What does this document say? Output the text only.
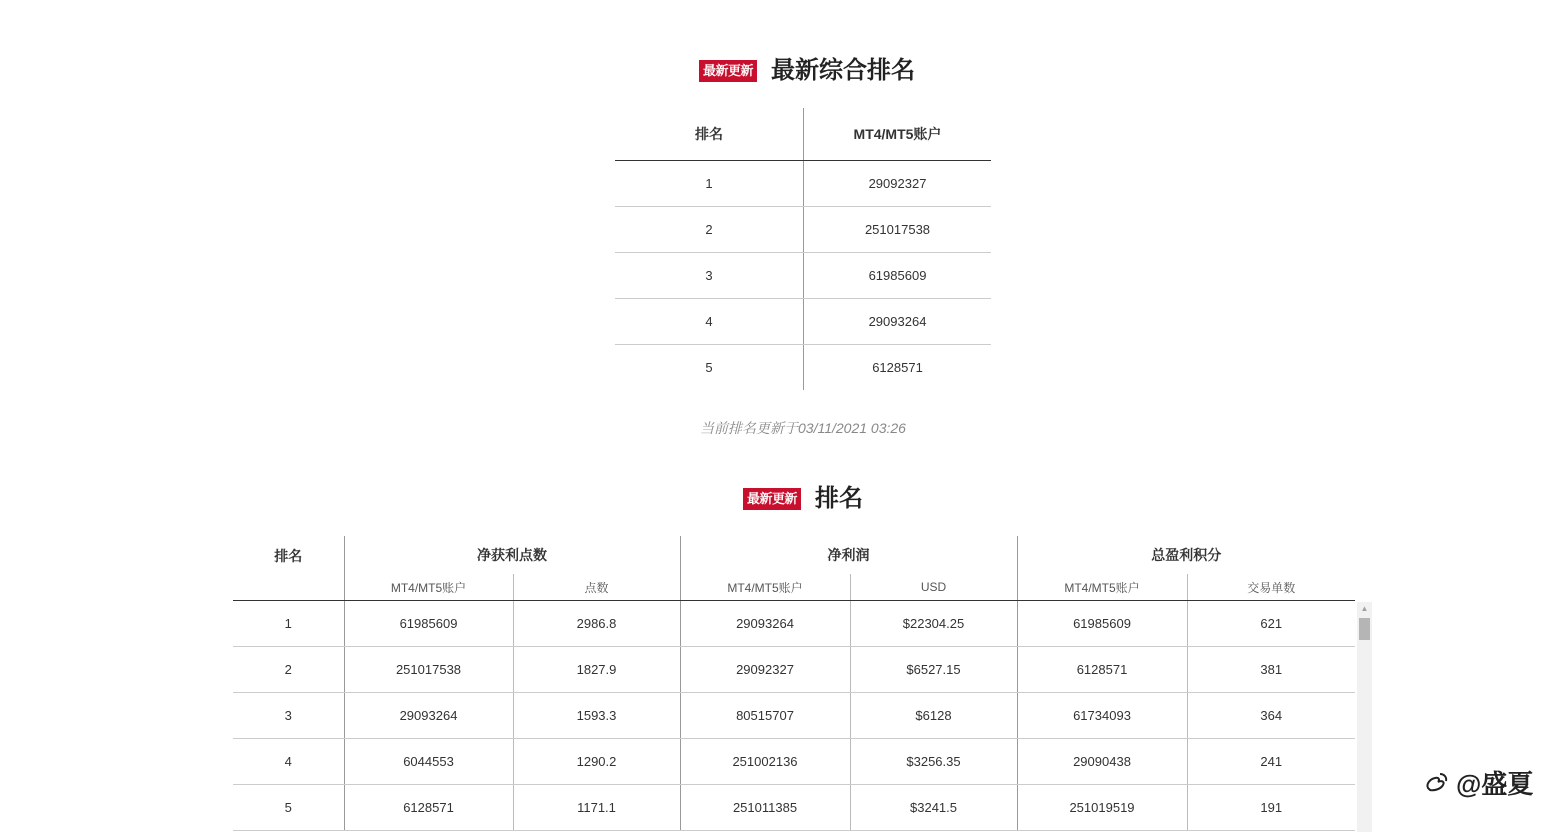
最新更新 最新综合排名
排名	MT4/MT5账户
1	29092327
2	251017538
3	61985609
4	29093264
5	6128571
当前排名更新于03/11/2021 03:26
最新更新 排名
排名	净获利点数		净利润		总盈利积分	
	MT4/MT5账户	点数	MT4/MT5账户	USD	MT4/MT5账户	交易单数
1	61985609	2986.8	29093264	$22304.25	61985609	621
2	251017538	1827.9	29092327	$6527.15	6128571	381
3	29093264	1593.3	80515707	$6128	61734093	364
4	6044553	1290.2	251002136	$3256.35	29090438	241
5	6128571	1171.1	251011385	$3241.5	251019519	191
▲
@盛夏
